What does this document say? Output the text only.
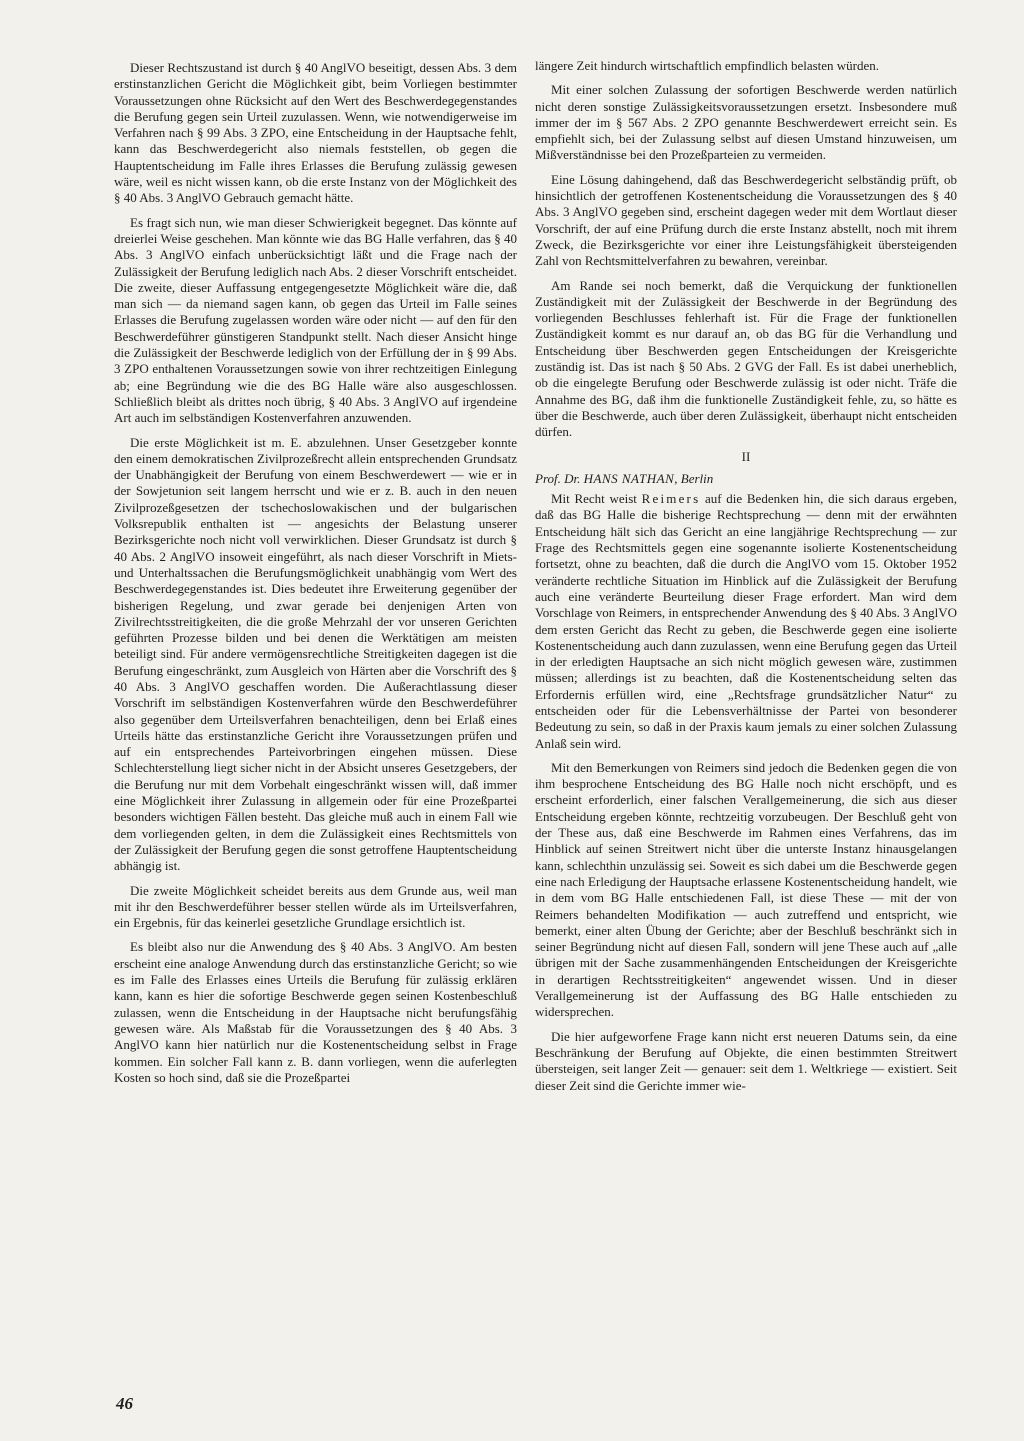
Dieser Rechtszustand ist durch § 40 AnglVO beseitigt, dessen Abs. 3 dem erstinstanzlichen Gericht die Möglichkeit gibt, beim Vorliegen bestimmter Voraussetzungen ohne Rücksicht auf den Wert des Beschwerdegegenstandes die Berufung gegen sein Urteil zuzulassen. Wenn, wie notwendigerweise im Verfahren nach § 99 Abs. 3 ZPO, eine Entscheidung in der Hauptsache fehlt, kann das Beschwerdegericht also niemals feststellen, ob gegen die Hauptentscheidung im Falle ihres Erlasses die Berufung zulässig gewesen wäre, weil es nicht wissen kann, ob die erste Instanz von der Möglichkeit des § 40 Abs. 3 AnglVO Gebrauch gemacht hätte.

Es fragt sich nun, wie man dieser Schwierigkeit begegnet. Das könnte auf dreierlei Weise geschehen. Man könnte wie das BG Halle verfahren, das § 40 Abs. 3 AnglVO einfach unberücksichtigt läßt und die Frage nach der Zulässigkeit der Berufung lediglich nach Abs. 2 dieser Vorschrift entscheidet. Die zweite, dieser Auffassung entgegengesetzte Möglichkeit wäre die, daß man sich — da niemand sagen kann, ob gegen das Urteil im Falle seines Erlasses die Berufung zugelassen worden wäre oder nicht — auf den für den Beschwerdeführer günstigeren Standpunkt stellt. Nach dieser Ansicht hinge die Zulässigkeit der Beschwerde lediglich von der Erfüllung der in § 99 Abs. 3 ZPO enthaltenen Voraussetzungen sowie von ihrer rechtzeitigen Einlegung ab; eine Begründung wie die des BG Halle wäre also ausgeschlossen. Schließlich bleibt als drittes noch übrig, § 40 Abs. 3 AnglVO auf irgendeine Art auch im selbständigen Kostenverfahren anzuwenden.

Die erste Möglichkeit ist m. E. abzulehnen. Unser Gesetzgeber konnte den einem demokratischen Zivilprozeßrecht allein entsprechenden Grundsatz der Unabhängigkeit der Berufung von einem Beschwerdewert — wie er in der Sowjetunion seit langem herrscht und wie er z. B. auch in den neuen Zivilprozeßgesetzen der tschechoslowakischen und der bulgarischen Volksrepublik enthalten ist — angesichts der Belastung unserer Bezirksgerichte noch nicht voll verwirklichen. Dieser Grundsatz ist durch § 40 Abs. 2 AnglVO insoweit eingeführt, als nach dieser Vorschrift in Miets- und Unterhaltssachen die Berufungsmöglichkeit unabhängig vom Wert des Beschwerdegegenstandes ist. Dies bedeutet ihre Erweiterung gegenüber der bisherigen Regelung, und zwar gerade bei denjenigen Arten von Zivilrechtsstreitigkeiten, die die große Mehrzahl der vor unseren Gerichten geführten Prozesse bilden und bei denen die Werktätigen am meisten beteiligt sind. Für andere vermögensrechtliche Streitigkeiten dagegen ist die Berufung eingeschränkt, zum Ausgleich von Härten aber die Vorschrift des § 40 Abs. 3 AnglVO geschaffen worden. Die Außerachtlassung dieser Vorschrift im selbständigen Kostenverfahren würde den Beschwerdeführer also gegenüber dem Urteilsverfahren benachteiligen, denn bei Erlaß eines Urteils hätte das erstinstanzliche Gericht ihre Voraussetzungen prüfen und auf ein entsprechendes Parteivorbringen eingehen müssen. Diese Schlechterstellung liegt sicher nicht in der Absicht unseres Gesetzgebers, der die Berufung nur mit dem Vorbehalt eingeschränkt wissen will, daß immer eine Möglichkeit ihrer Zulassung in allgemein oder für eine Prozeßpartei besonders wichtigen Fällen besteht. Das gleiche muß auch in einem Fall wie dem vorliegenden gelten, in dem die Zulässigkeit eines Rechtsmittels von der Zulässigkeit der Berufung gegen die sonst getroffene Hauptentscheidung abhängig ist.

Die zweite Möglichkeit scheidet bereits aus dem Grunde aus, weil man mit ihr den Beschwerdeführer besser stellen würde als im Urteilsverfahren, ein Ergebnis, für das keinerlei gesetzliche Grundlage ersichtlich ist.

Es bleibt also nur die Anwendung des § 40 Abs. 3 AnglVO. Am besten erscheint eine analoge Anwendung durch das erstinstanzliche Gericht; so wie es im Falle des Erlasses eines Urteils die Berufung für zulässig erklären kann, kann es hier die sofortige Beschwerde gegen seinen Kostenbeschluß zulassen, wenn die Entscheidung in der Hauptsache nicht berufungsfähig gewesen wäre. Als Maßstab für die Voraussetzungen des § 40 Abs. 3 AnglVO kann hier natürlich nur die Kostenentscheidung selbst in Frage kommen. Ein solcher Fall kann z. B. dann vorliegen, wenn die auferlegten Kosten so hoch sind, daß sie die Prozeßpartei

längere Zeit hindurch wirtschaftlich empfindlich belasten würden.

Mit einer solchen Zulassung der sofortigen Beschwerde werden natürlich nicht deren sonstige Zulässigkeitsvoraussetzungen ersetzt. Insbesondere muß immer der im § 567 Abs. 2 ZPO genannte Beschwerdewert erreicht sein. Es empfiehlt sich, bei der Zulassung selbst auf diesen Umstand hinzuweisen, um Mißverständnisse bei den Prozeßparteien zu vermeiden.

Eine Lösung dahingehend, daß das Beschwerdegericht selbständig prüft, ob hinsichtlich der getroffenen Kostenentscheidung die Voraussetzungen des § 40 Abs. 3 AnglVO gegeben sind, erscheint dagegen weder mit dem Wortlaut dieser Vorschrift, der auf eine Prüfung durch die erste Instanz abstellt, noch mit ihrem Zweck, die Bezirksgerichte vor einer ihre Leistungsfähigkeit übersteigenden Zahl von Rechtsmittelverfahren zu bewahren, vereinbar.

Am Rande sei noch bemerkt, daß die Verquickung der funktionellen Zuständigkeit mit der Zulässigkeit der Beschwerde in der Begründung des vorliegenden Beschlusses fehlerhaft ist. Für die Frage der funktionellen Zuständigkeit kommt es nur darauf an, ob das BG für die Verhandlung und Entscheidung über Beschwerden gegen Entscheidungen der Kreisgerichte zuständig ist. Das ist nach § 50 Abs. 2 GVG der Fall. Es ist dabei unerheblich, ob die eingelegte Berufung oder Beschwerde zulässig ist oder nicht. Träfe die Annahme des BG, daß ihm die funktionelle Zuständigkeit fehle, zu, so hätte es über die Beschwerde, auch über deren Zulässigkeit, überhaupt nicht entscheiden dürfen.

II
Prof. Dr. HANS NATHAN, Berlin

Mit Recht weist Reimers auf die Bedenken hin, die sich daraus ergeben, daß das BG Halle die bisherige Rechtsprechung — denn mit der erwähnten Entscheidung hält sich das Gericht an eine langjährige Rechtsprechung — zur Frage des Rechtsmittels gegen eine sogenannte isolierte Kostenentscheidung fortsetzt, ohne zu beachten, daß die durch die AnglVO vom 15. Oktober 1952 veränderte rechtliche Situation im Hinblick auf die Zulässigkeit der Berufung auch eine veränderte Beurteilung dieser Frage erfordert. Man wird dem Vorschlage von Reimers, in entsprechender Anwendung des § 40 Abs. 3 AnglVO dem ersten Gericht das Recht zu geben, die Beschwerde gegen eine isolierte Kostenentscheidung auch dann zuzulassen, wenn eine Berufung gegen das Urteil in der erledigten Hauptsache an sich nicht möglich gewesen wäre, zustimmen müssen; allerdings ist zu beachten, daß die Kostenentscheidung selten das Erfordernis erfüllen wird, eine „Rechtsfrage grundsätzlicher Natur“ zu entscheiden oder für die Lebensverhältnisse der Partei von besonderer Bedeutung zu sein, so daß in der Praxis kaum jemals zu einer solchen Zulassung Anlaß sein wird.

Mit den Bemerkungen von Reimers sind jedoch die Bedenken gegen die von ihm besprochene Entscheidung des BG Halle noch nicht erschöpft, und es erscheint erforderlich, einer falschen Verallgemeinerung, die sich aus dieser Entscheidung ergeben könnte, rechtzeitig vorzubeugen. Der Beschluß geht von der These aus, daß eine Beschwerde im Rahmen eines Verfahrens, das im Hinblick auf seinen Streitwert nicht über die unterste Instanz hinausgelangen kann, schlechthin unzulässig sei. Soweit es sich dabei um die Beschwerde gegen eine nach Erledigung der Hauptsache erlassene Kostenentscheidung handelt, wie in dem vom BG Halle entschiedenen Fall, ist diese These — mit der von Reimers behandelten Modifikation — auch zutreffend und entspricht, wie bemerkt, einer alten Übung der Gerichte; aber der Beschluß beschränkt sich in seiner Begründung nicht auf diesen Fall, sondern will jene These auch auf „alle übrigen mit der Sache zusammenhängenden Entscheidungen der Kreisgerichte in derartigen Rechtsstreitigkeiten“ angewendet wissen. Und in dieser Verallgemeinerung ist der Auffassung des BG Halle entschieden zu widersprechen.

Die hier aufgeworfene Frage kann nicht erst neueren Datums sein, da eine Beschränkung der Berufung auf Objekte, die einen bestimmten Streitwert übersteigen, seit langer Zeit — genauer: seit dem 1. Weltkriege — existiert. Seit dieser Zeit sind die Gerichte immer wie-

46
